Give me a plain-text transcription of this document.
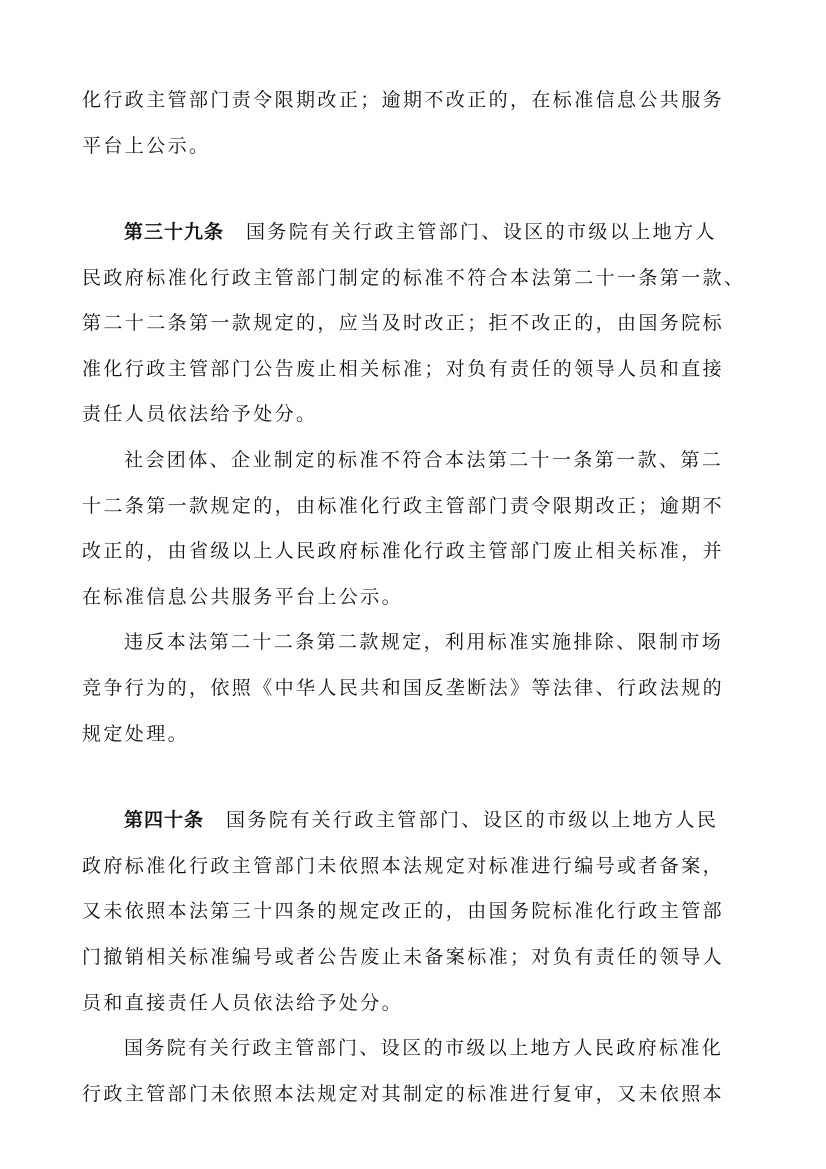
化行政主管部门责令限期改正；逾期不改正的，在标准信息公共服务
平台上公示。
第三十九条 国务院有关行政主管部门、设区的市级以上地方人
民政府标准化行政主管部门制定的标准不符合本法第二十一条第一款、
第二十二条第一款规定的，应当及时改正；拒不改正的，由国务院标
准化行政主管部门公告废止相关标准；对负有责任的领导人员和直接
责任人员依法给予处分。
社会团体、企业制定的标准不符合本法第二十一条第一款、第二
十二条第一款规定的，由标准化行政主管部门责令限期改正；逾期不
改正的，由省级以上人民政府标准化行政主管部门废止相关标准，并
在标准信息公共服务平台上公示。
违反本法第二十二条第二款规定，利用标准实施排除、限制市场
竞争行为的，依照《中华人民共和国反垄断法》等法律、行政法规的
规定处理。
第四十条 国务院有关行政主管部门、设区的市级以上地方人民
政府标准化行政主管部门未依照本法规定对标准进行编号或者备案，
又未依照本法第三十四条的规定改正的，由国务院标准化行政主管部
门撤销相关标准编号或者公告废止未备案标准；对负有责任的领导人
员和直接责任人员依法给予处分。
国务院有关行政主管部门、设区的市级以上地方人民政府标准化
行政主管部门未依照本法规定对其制定的标准进行复审，又未依照本
